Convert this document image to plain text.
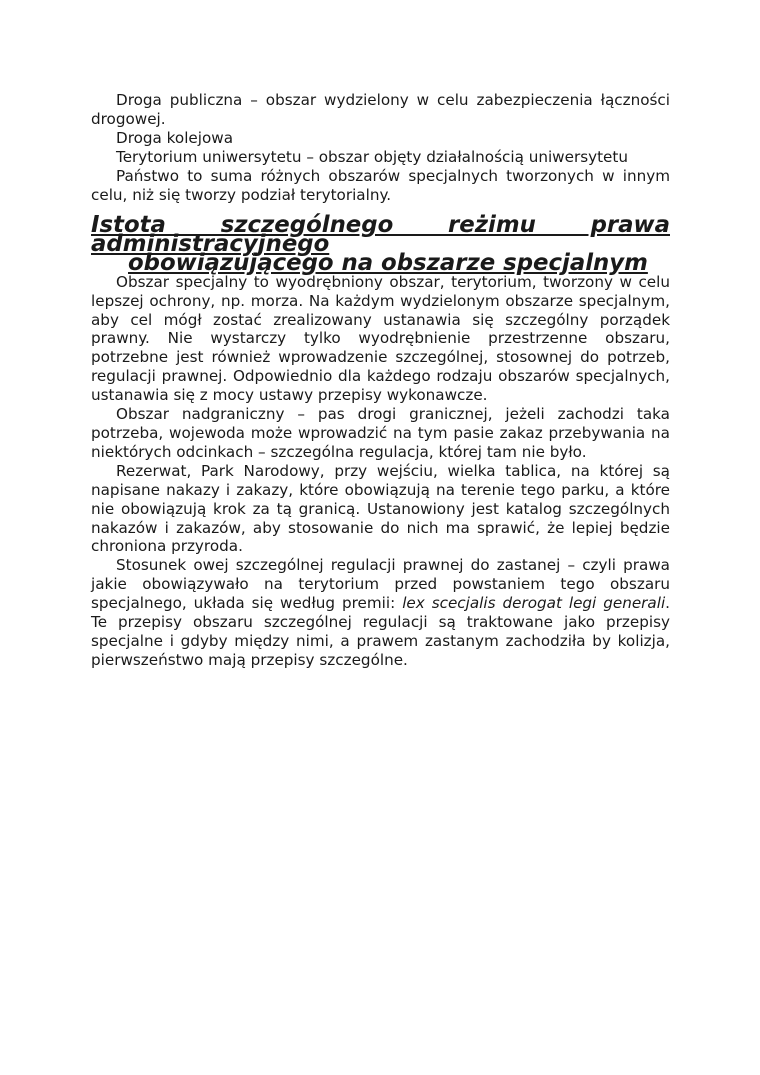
Droga publiczna – obszar wydzielony w celu zabezpieczenia łączności drogowej.

Droga kolejowa

Terytorium uniwersytetu – obszar objęty działalnością uniwersytetu

Państwo to suma różnych obszarów specjalnych tworzonych w innym celu, niż się tworzy podział terytorialny.

Istota szczególnego reżimu prawa administracyjnego
obowiązującego na obszarze specjalnym

Obszar specjalny to wyodrębniony obszar, terytorium, tworzony w celu lepszej ochrony, np. morza. Na każdym wydzielonym obszarze specjalnym, aby cel mógł zostać zrealizowany ustanawia się szczególny porządek prawny. Nie wystarczy tylko wyodrębnienie przestrzenne obszaru, potrzebne jest również wprowadzenie szczególnej, stosownej do potrzeb, regulacji prawnej. Odpowiednio dla każdego rodzaju obszarów specjalnych, ustanawia się z mocy ustawy przepisy wykonawcze.

Obszar nadgraniczny – pas drogi granicznej, jeżeli zachodzi taka potrzeba, wojewoda może wprowadzić na tym pasie zakaz przebywania na niektórych odcinkach – szczególna regulacja, której tam nie było.

Rezerwat, Park Narodowy, przy wejściu, wielka tablica, na której są napisane nakazy i zakazy, które obowiązują na terenie tego parku, a które nie obowiązują krok za tą granicą. Ustanowiony jest katalog szczególnych nakazów i zakazów, aby stosowanie do nich ma sprawić, że lepiej będzie chroniona przyroda.

Stosunek owej szczególnej regulacji prawnej do zastanej – czyli prawa jakie obowiązywało na terytorium przed powstaniem tego obszaru specjalnego, układa się według premii: lex scecjalis derogat legi generali. Te przepisy obszaru szczególnej regulacji są traktowane jako przepisy specjalne i gdyby między nimi, a prawem zastanym zachodziła by kolizja, pierwszeństwo mają przepisy szczególne.
